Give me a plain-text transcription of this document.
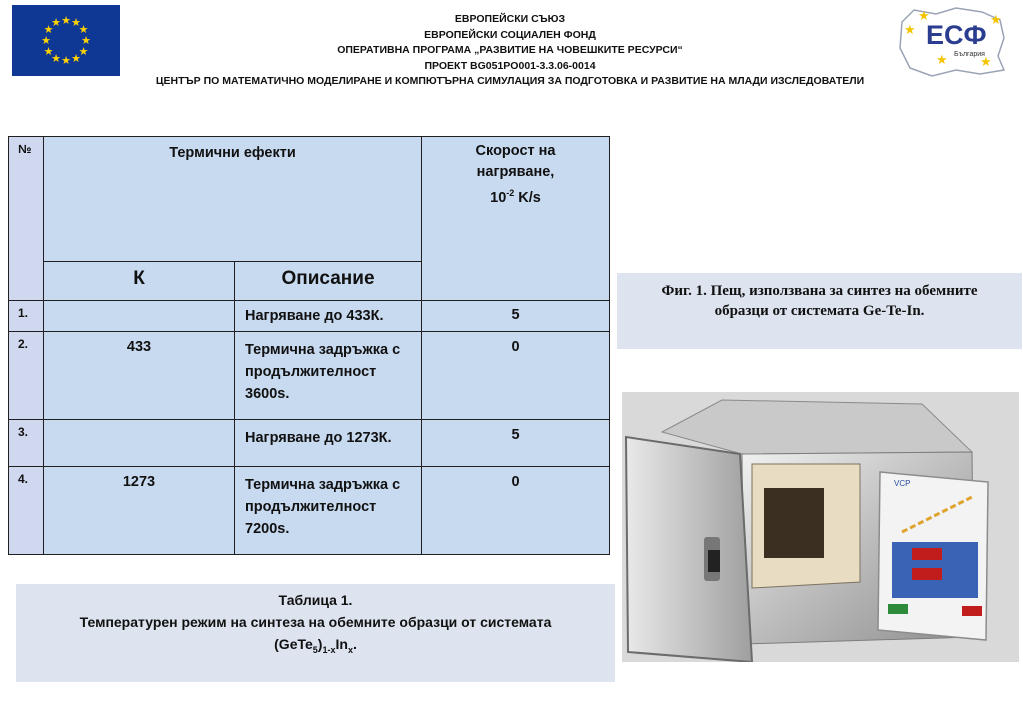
★ ★
★
★
★
★
★
★
★
★
★
★	ЕВРОПЕЙСКИ СЪЮЗ
ЕВРОПЕЙСКИ СОЦИАЛЕН ФОНД
ОПЕРАТИВНА ПРОГРАМА „РАЗВИТИЕ НА ЧОВЕШКИТЕ РЕСУРСИ“
ПРОЕКТ BG051PO001-3.3.06-0014
ЦЕНТЪР ПО МАТЕМАТИЧНО МОДЕЛИРАНЕ И КОМПЮТЪРНА СИМУЛАЦИЯ ЗА ПОДГОТОВКА И РАЗВИТИЕ НА МЛАДИ ИЗСЛЕДОВАТЕЛИ
★
★
★ ★
★
ЕСФ
България
№	Термични ефекти		Скорост на
нагряване,
$10^{-2}$ K/s

	К	Описание	

1.		Нагряване до 433К.	5

2.	433	Термична задръжка с продължителност 3600s.	0

3.		Нагряване до 1273К.	5

4.	1273	Термична задръжка с продължителност 7200s.	0
Фиг. 1. Пещ, използвана за синтез на обемните
образци от системата Ge-Te-In.
VCP
Таблица 1.
Температурен режим на синтеза на обемните образци от системата
$(GeTe_5)_{1-x}In_x$.
